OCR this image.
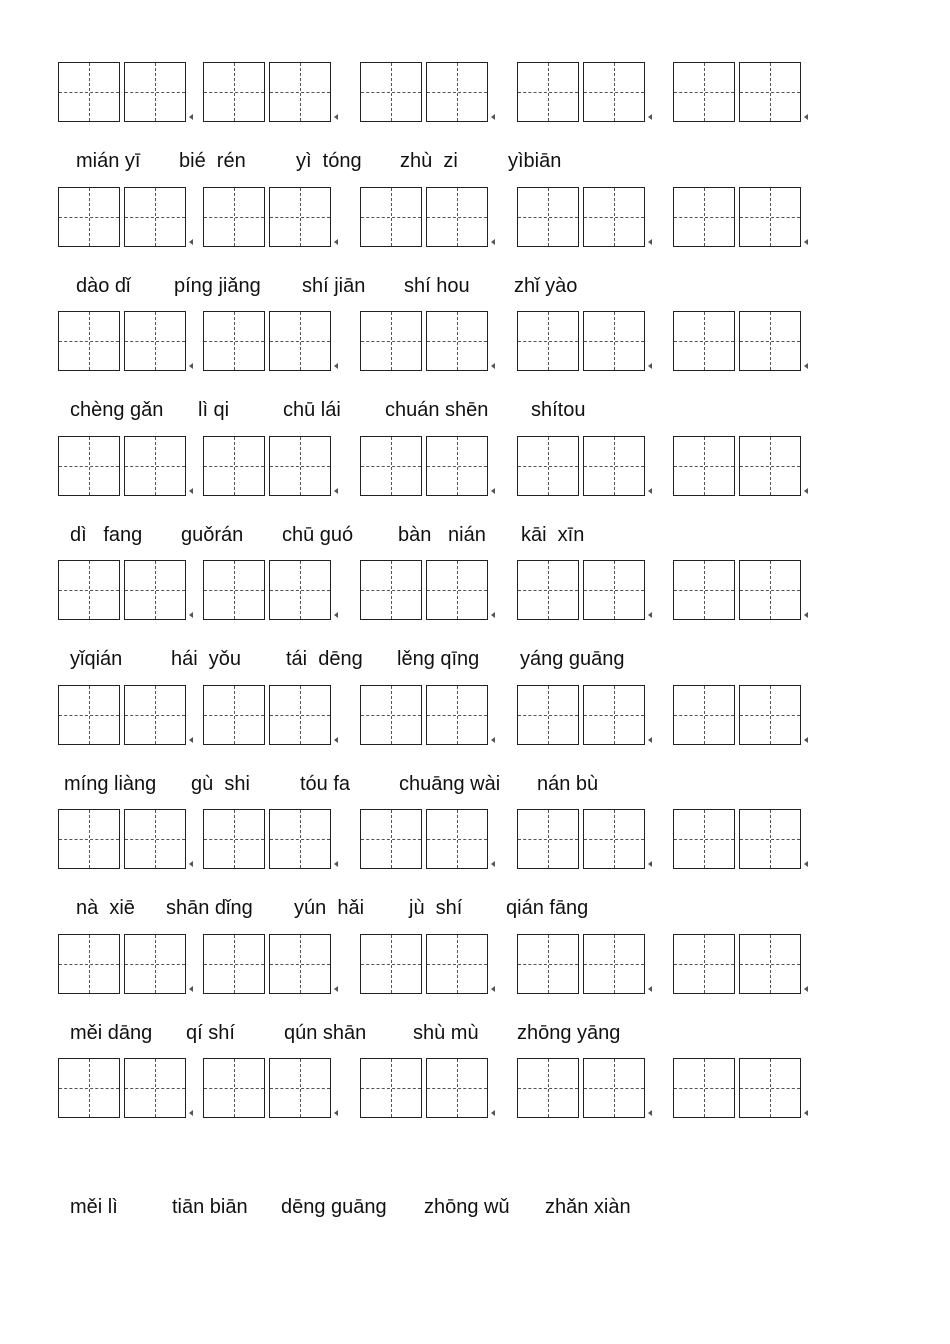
mián yī bié  rén	yì  tóng zhù  zi	yìbiān
dào dǐ píng jiǎng shí jiān shí hou zhǐ yào
chèng gǎn lì qi	chū lái chuán shēn shítou
dì   fang guǒrán chū guó bàn   nián kāi  xīn
yǐqián hái  yǒu tái  dēng lěng qīng yáng guāng
míng liàng gù  shi	tóu fa chuāng wài nán bù
nà  xiē shān dǐng yún  hǎi jù  shí qián fāng
měi dāng qí shí qún shān shù mù zhōng yāng
měi lì	tiān biān dēng guāng zhōng wǔ zhǎn xiàn
